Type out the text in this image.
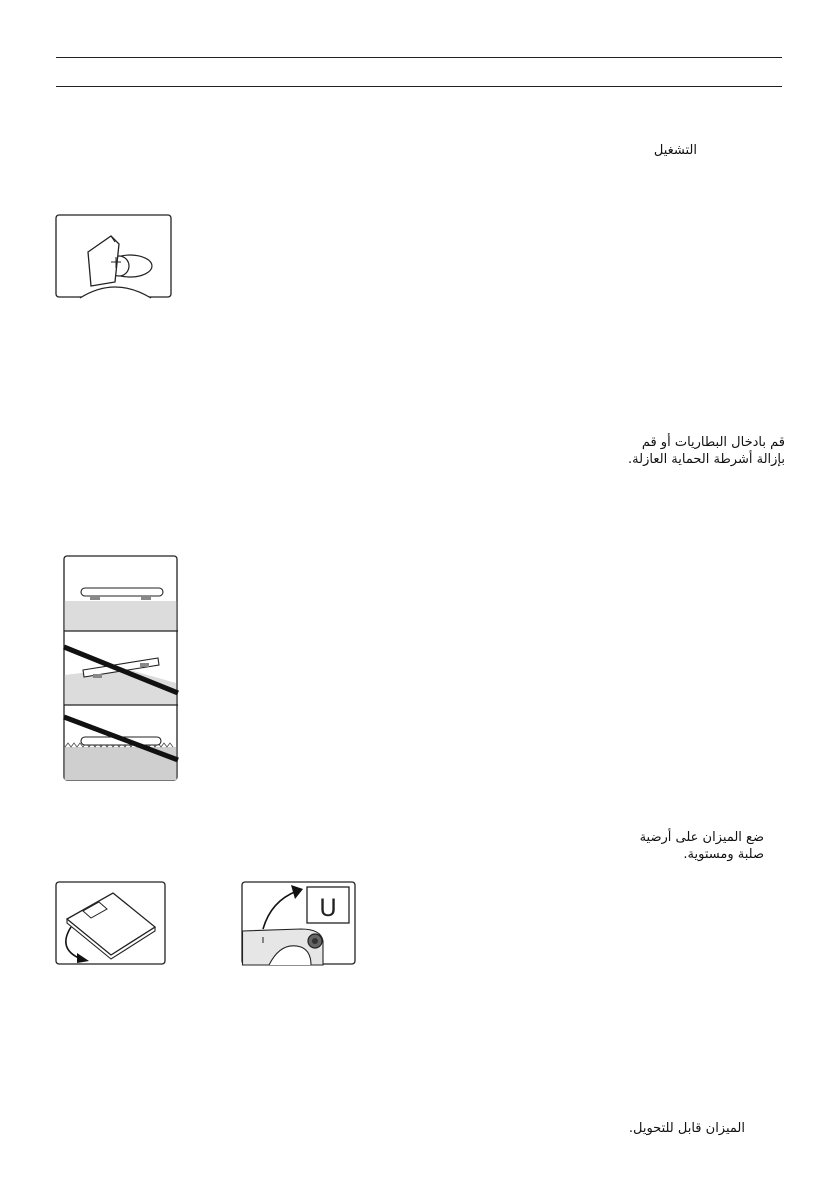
التشغيل
قم بادخال البطاريات أو قم
بإزالة أشرطة الحماية العازلة.
ضع الميزان على أرضية
صلبة ومستوية.
U
الميزان قابل للتحويل.
